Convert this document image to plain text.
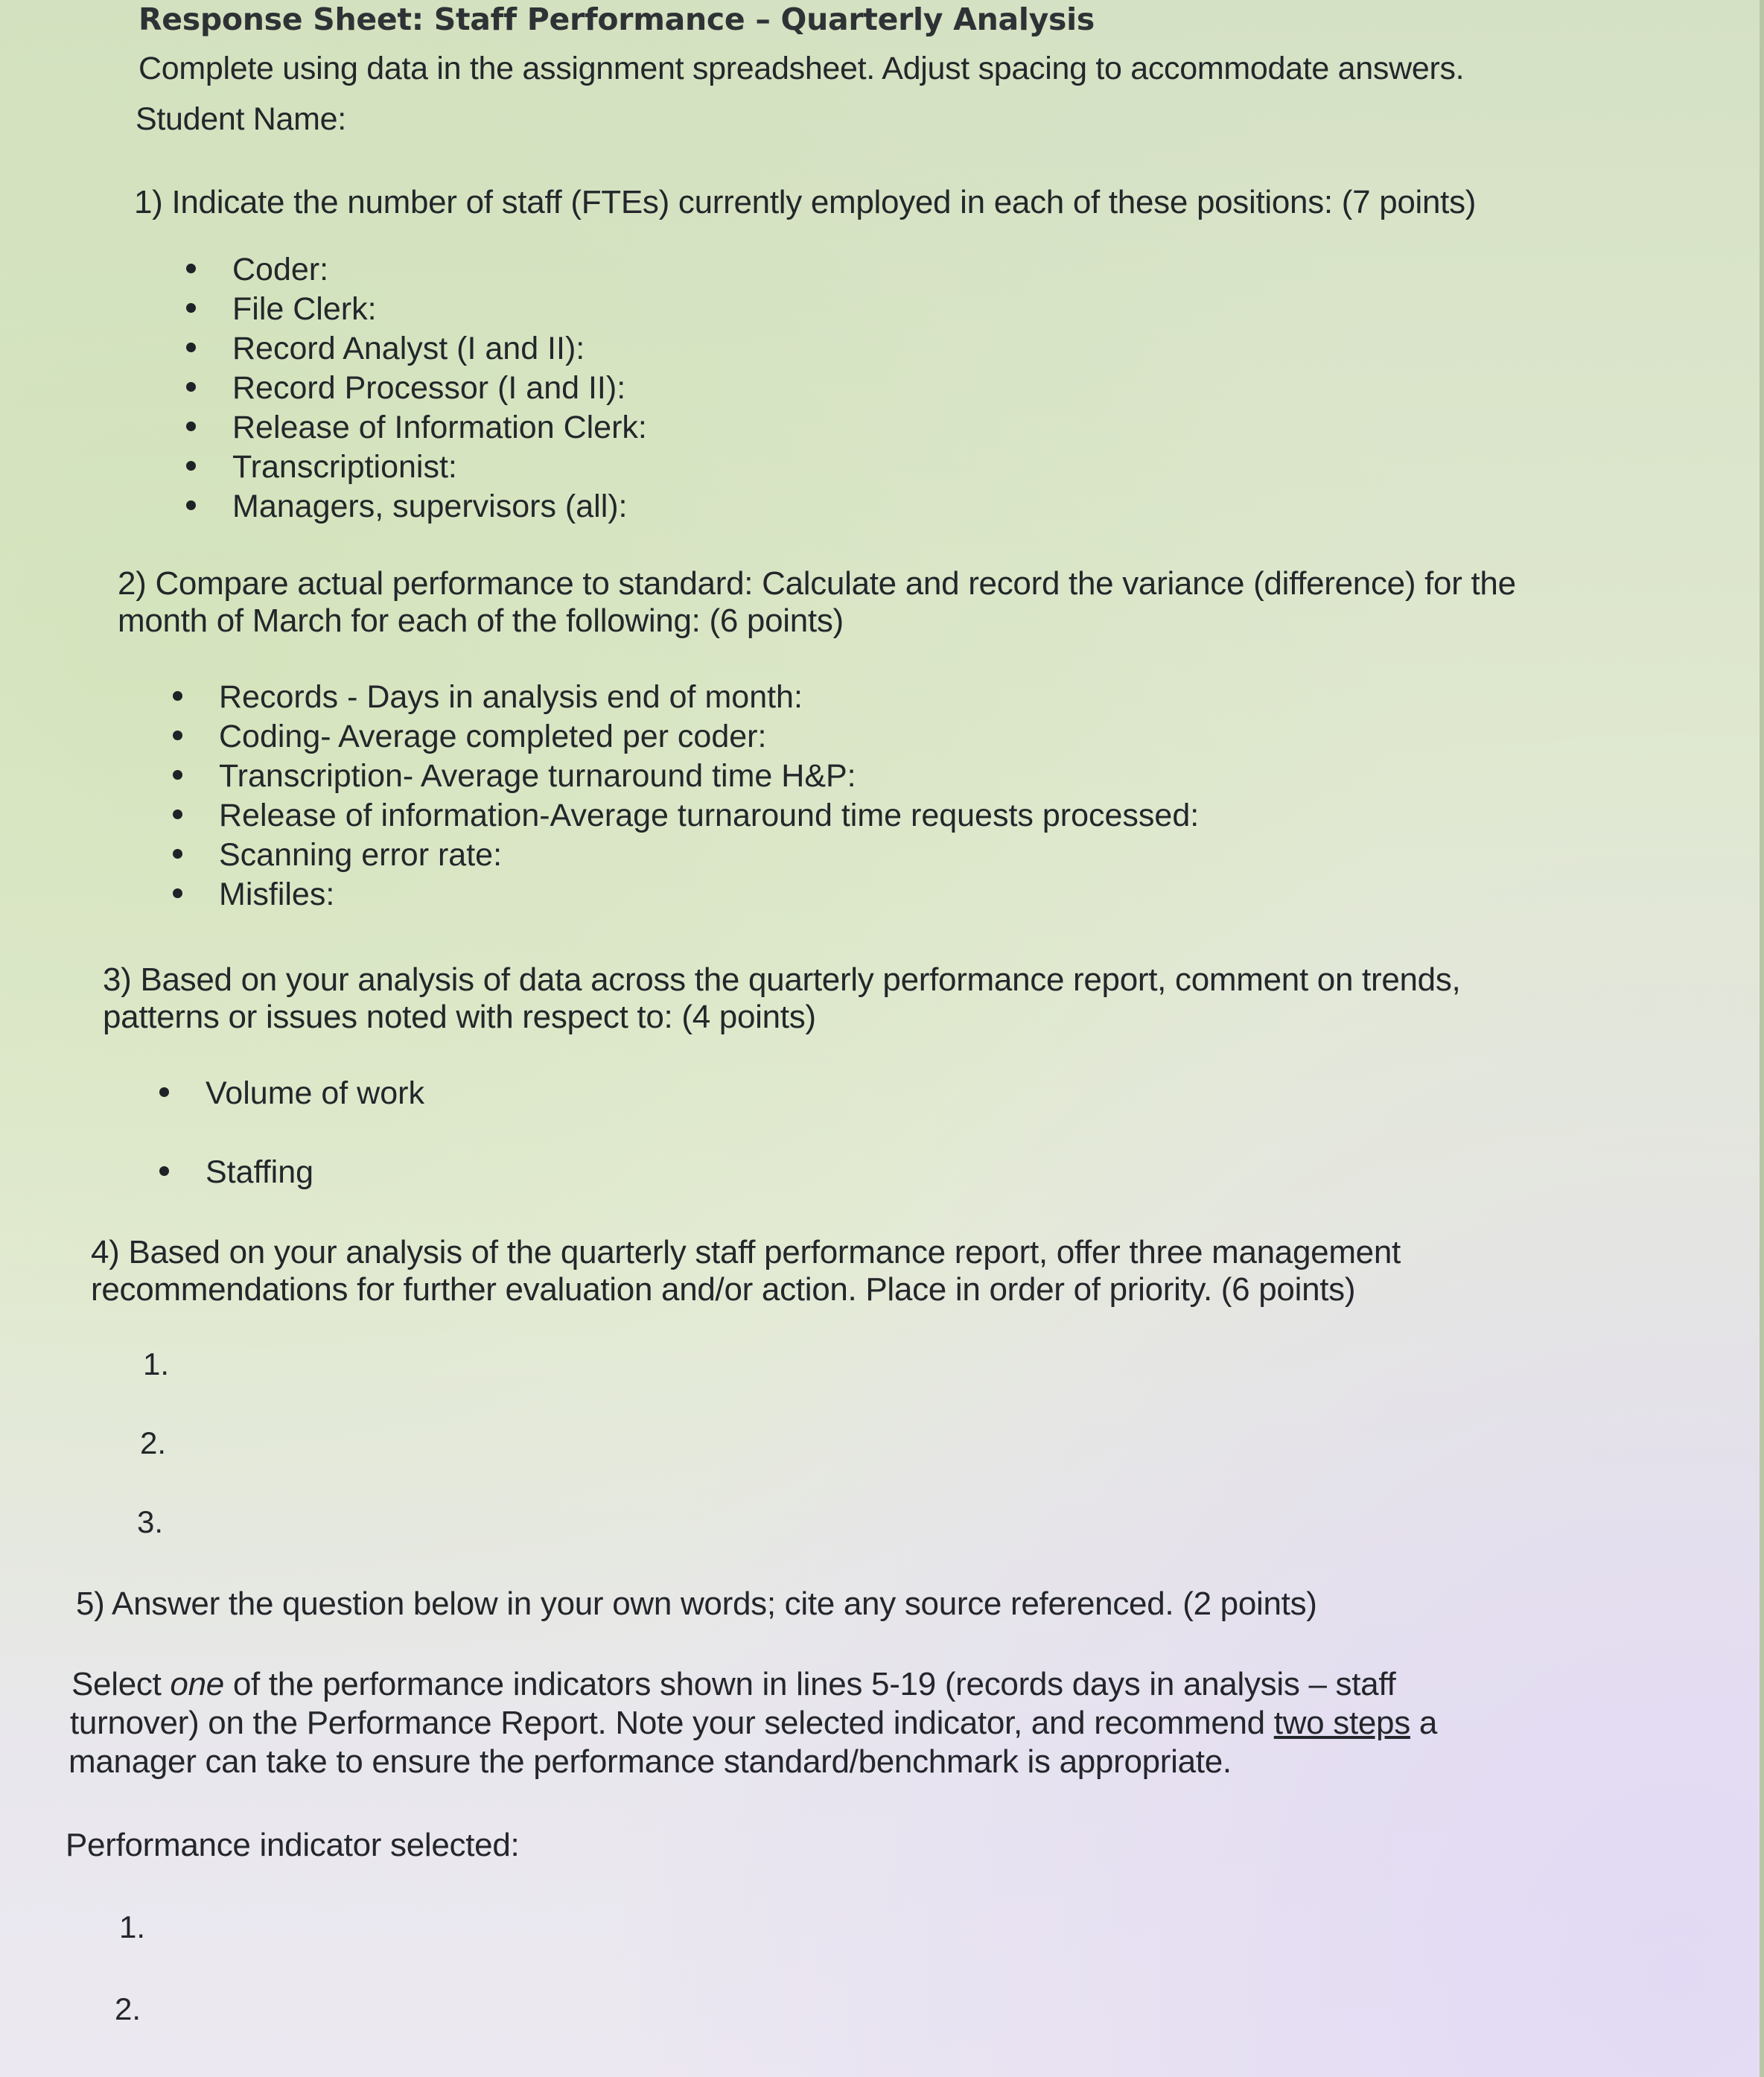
Response Sheet: Staff Performance – Quarterly Analysis

Complete using data in the assignment spreadsheet. Adjust spacing to accommodate answers.

Student Name:

1) Indicate the number of staff (FTEs) currently employed in each of these positions: (7 points)

Coder:
File Clerk:
Record Analyst (I and II):
Record Processor (I and II):
Release of Information Clerk:
Transcriptionist:
Managers, supervisors (all):

2) Compare actual performance to standard: Calculate and record the variance (difference) for the

month of March for each of the following: (6 points)

Records - Days in analysis end of month:
Coding- Average completed per coder:
Transcription- Average turnaround time H&P:
Release of information-Average turnaround time requests processed:
Scanning error rate:
Misfiles:

3) Based on your analysis of data across the quarterly performance report, comment on trends,

patterns or issues noted with respect to: (4 points)

Volume of work
Staffing

4) Based on your analysis of the quarterly staff performance report, offer three management

recommendations for further evaluation and/or action. Place in order of priority. (6 points)

1.
2.
3.

5) Answer the question below in your own words; cite any source referenced. (2 points)

Select one of the performance indicators shown in lines 5-19 (records days in analysis – staff

turnover) on the Performance Report. Note your selected indicator, and recommend two steps a

manager can take to ensure the performance standard/benchmark is appropriate.

Performance indicator selected:

1.
2.
